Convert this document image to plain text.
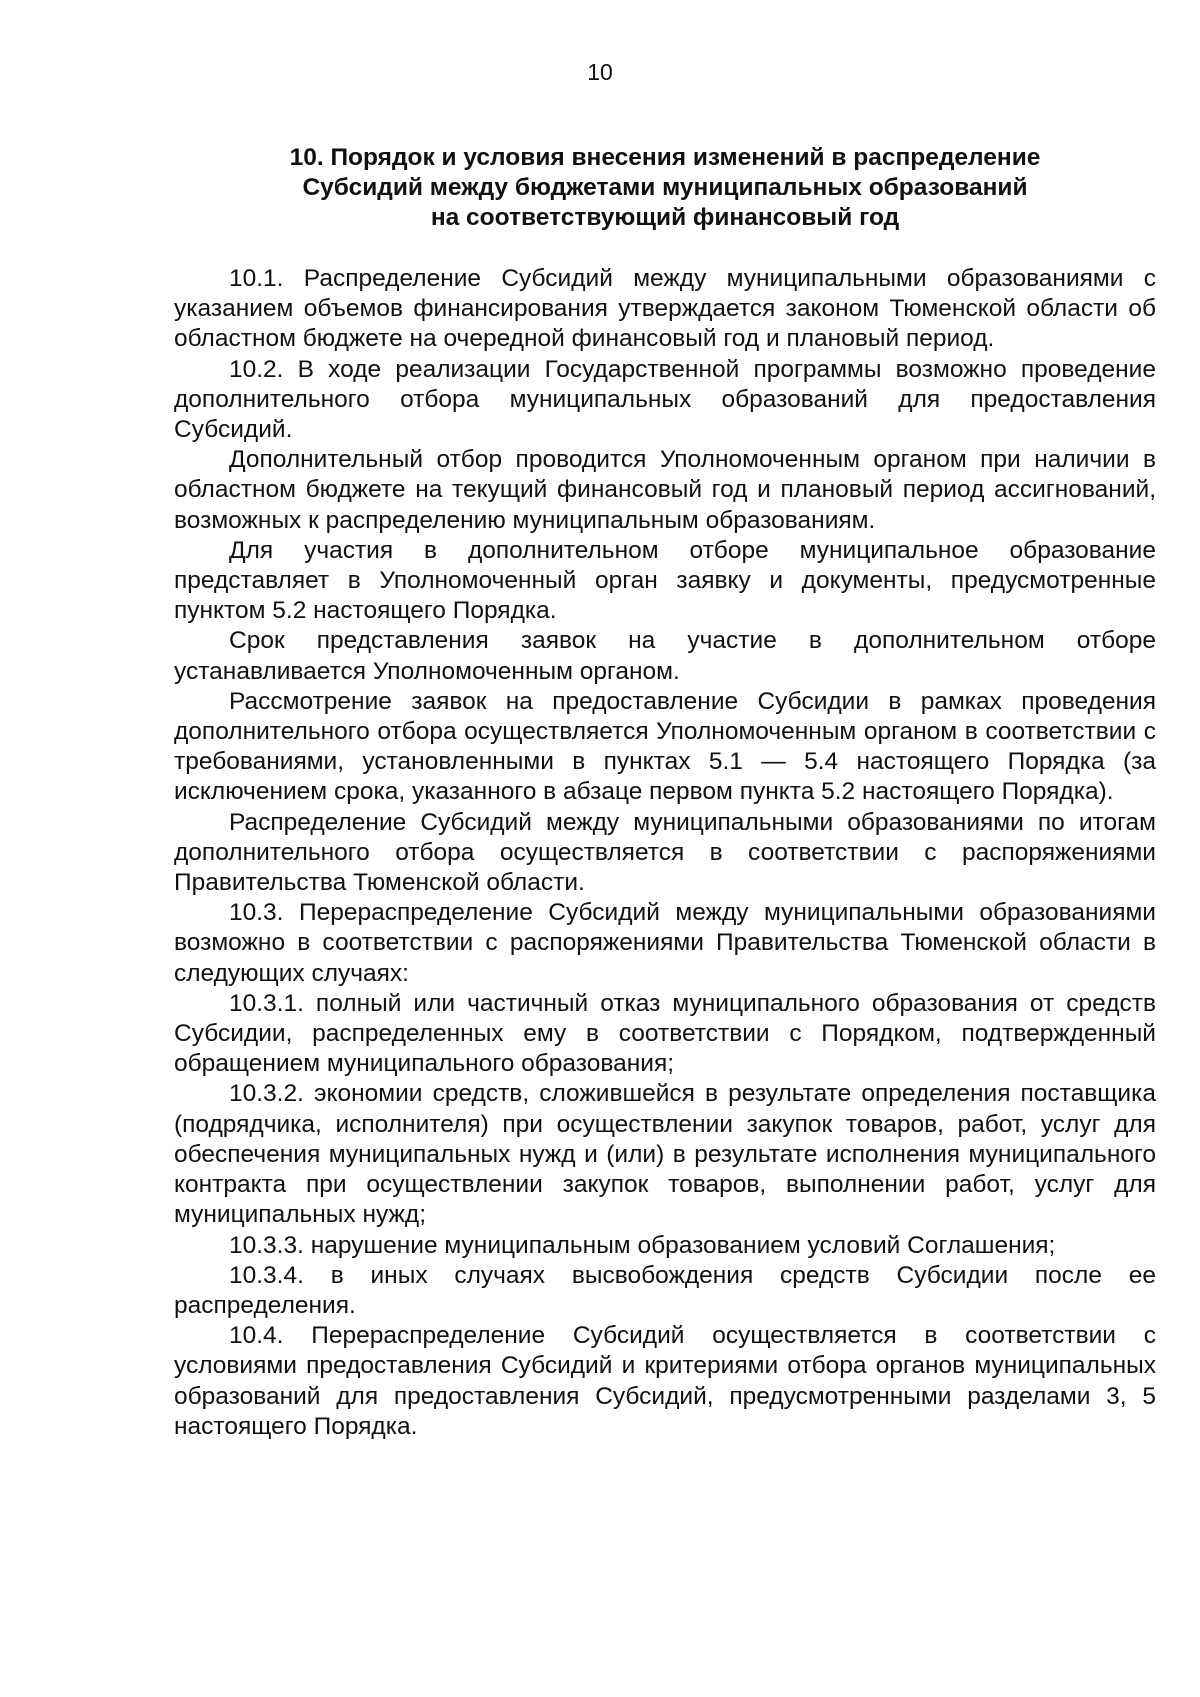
10
10. Порядок и условия внесения изменений в распределение
Субсидий между бюджетами муниципальных образований
на соответствующий финансовый год

10.1. Распределение Субсидий между муниципальными образованиями с указанием объемов финансирования утверждается законом Тюменской области об областном бюджете на очередной финансовый год и плановый период.

10.2. В ходе реализации Государственной программы возможно проведение дополнительного отбора муниципальных образований для предоставления Субсидий.

Дополнительный отбор проводится Уполномоченным органом при наличии в областном бюджете на текущий финансовый год и плановый период ассигнований, возможных к распределению муниципальным образованиям.

Для участия в дополнительном отборе муниципальное образование представляет в Уполномоченный орган заявку и документы, предусмотренные пунктом 5.2 настоящего Порядка.

Срок представления заявок на участие в дополнительном отборе устанавливается Уполномоченным органом.

Рассмотрение заявок на предоставление Субсидии в рамках проведения дополнительного отбора осуществляется Уполномоченным органом в соответствии с требованиями, установленными в пунктах 5.1 — 5.4 настоящего Порядка (за исключением срока, указанного в абзаце первом пункта 5.2 настоящего Порядка).

Распределение Субсидий между муниципальными образованиями по итогам дополнительного отбора осуществляется в соответствии с распоряжениями Правительства Тюменской области.

10.3. Перераспределение Субсидий между муниципальными образованиями возможно в соответствии с распоряжениями Правительства Тюменской области в следующих случаях:

10.3.1. полный или частичный отказ муниципального образования от средств Субсидии, распределенных ему в соответствии с Порядком, подтвержденный обращением муниципального образования;

10.3.2. экономии средств, сложившейся в результате определения поставщика (подрядчика, исполнителя) при осуществлении закупок товаров, работ, услуг для обеспечения муниципальных нужд и (или) в результате исполнения муниципального контракта при осуществлении закупок товаров, выполнении работ, услуг для муниципальных нужд;

10.3.3. нарушение муниципальным образованием условий Соглашения;

10.3.4. в иных случаях высвобождения средств Субсидии после ее распределения.

10.4. Перераспределение Субсидий осуществляется в соответствии с условиями предоставления Субсидий и критериями отбора органов муниципальных образований для предоставления Субсидий, предусмотренными разделами 3, 5 настоящего Порядка.
